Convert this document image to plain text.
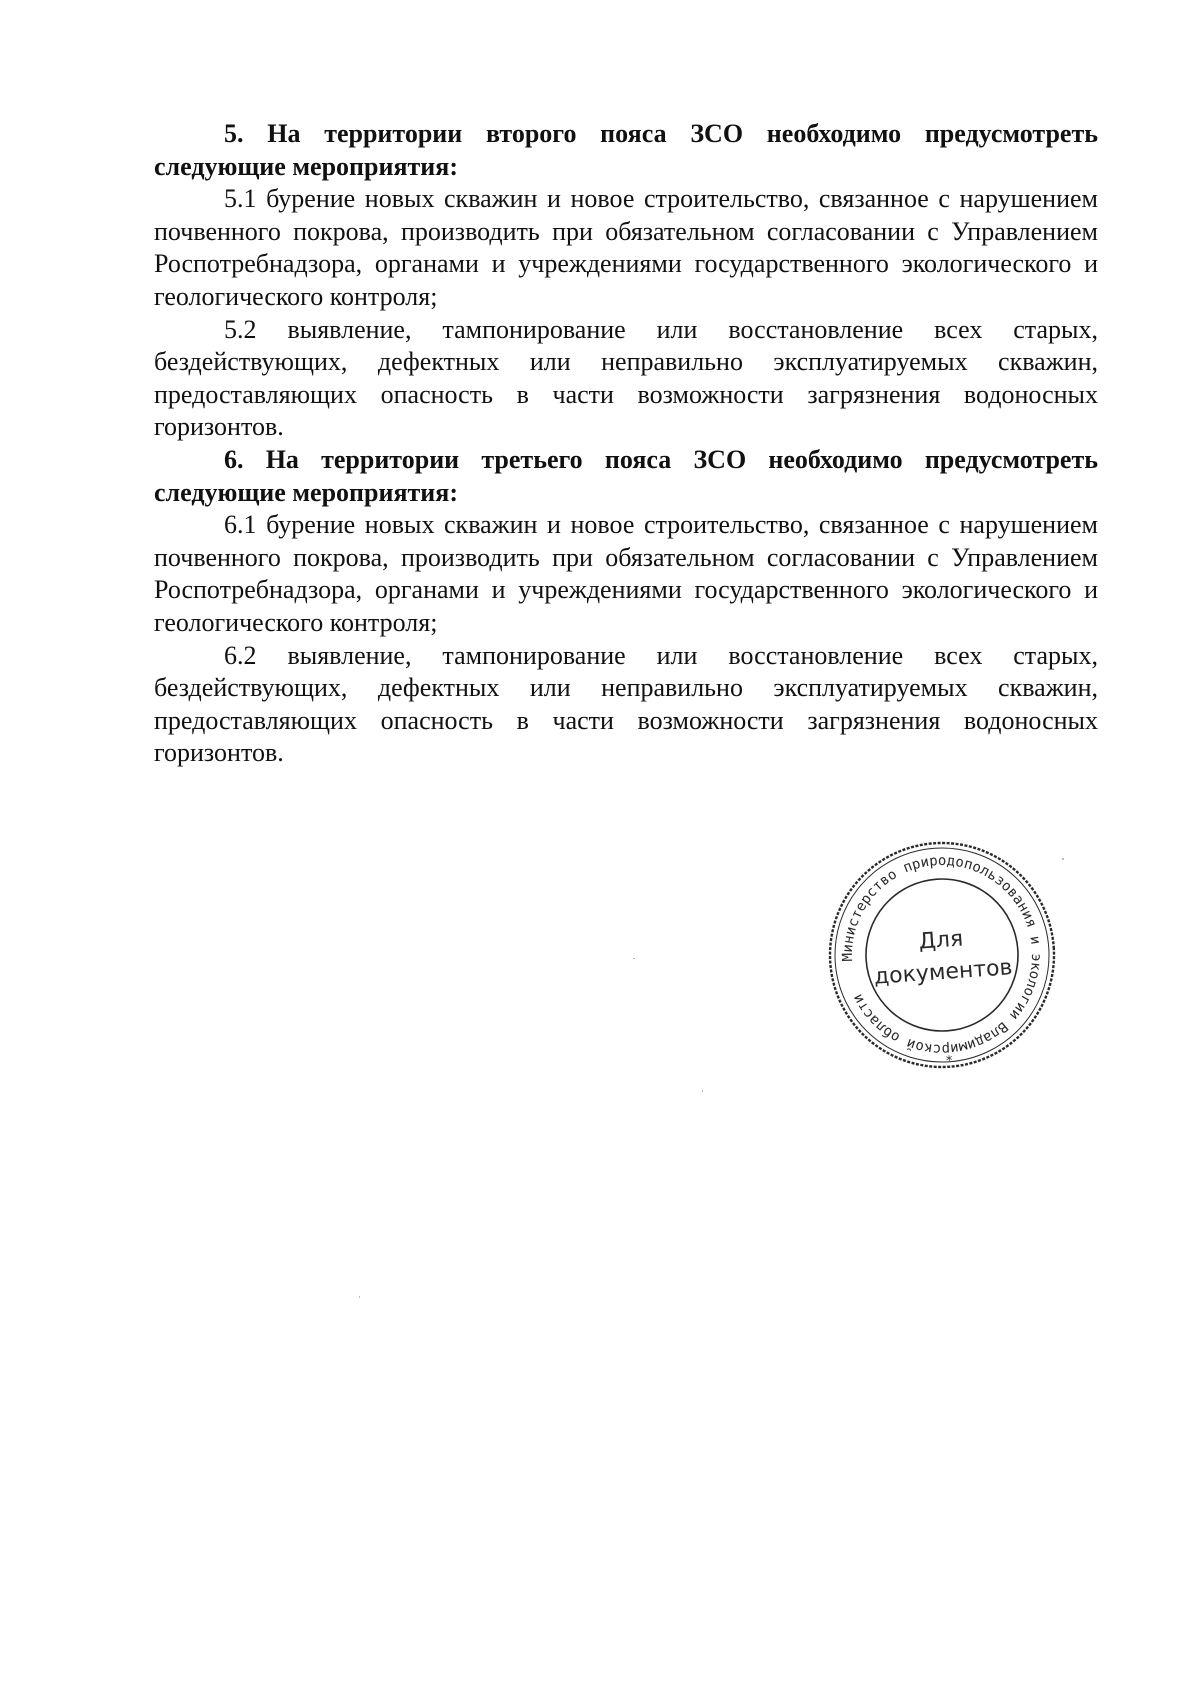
5. На территории второго пояса ЗСО необходимо предусмотреть следующие мероприятия:

5.1 бурение новых скважин и новое строительство, связанное с нарушением почвенного покрова, производить при обязательном согласовании с Управлением Роспотребнадзора, органами и учреждениями государственного экологического и геологического контроля;

5.2 выявление, тампонирование или восстановление всех старых, бездействующих, дефектных или неправильно эксплуатируемых скважин, предоставляющих опасность в части возможности загрязнения водоносных горизонтов.

6. На территории третьего пояса ЗСО необходимо предусмотреть следующие мероприятия:

6.1 бурение новых скважин и новое строительство, связанное с нарушением почвенного покрова, производить при обязательном согласовании с Управлением Роспотребнадзора, органами и учреждениями государственного экологического и геологического контроля;

6.2 выявление, тампонирование или восстановление всех старых, бездействующих, дефектных или неправильно эксплуатируемых скважин, предоставляющих опасность в части возможности загрязнения водоносных горизонтов.

Министерство природопользования и экологии Владимирской области
*
Для
документов
